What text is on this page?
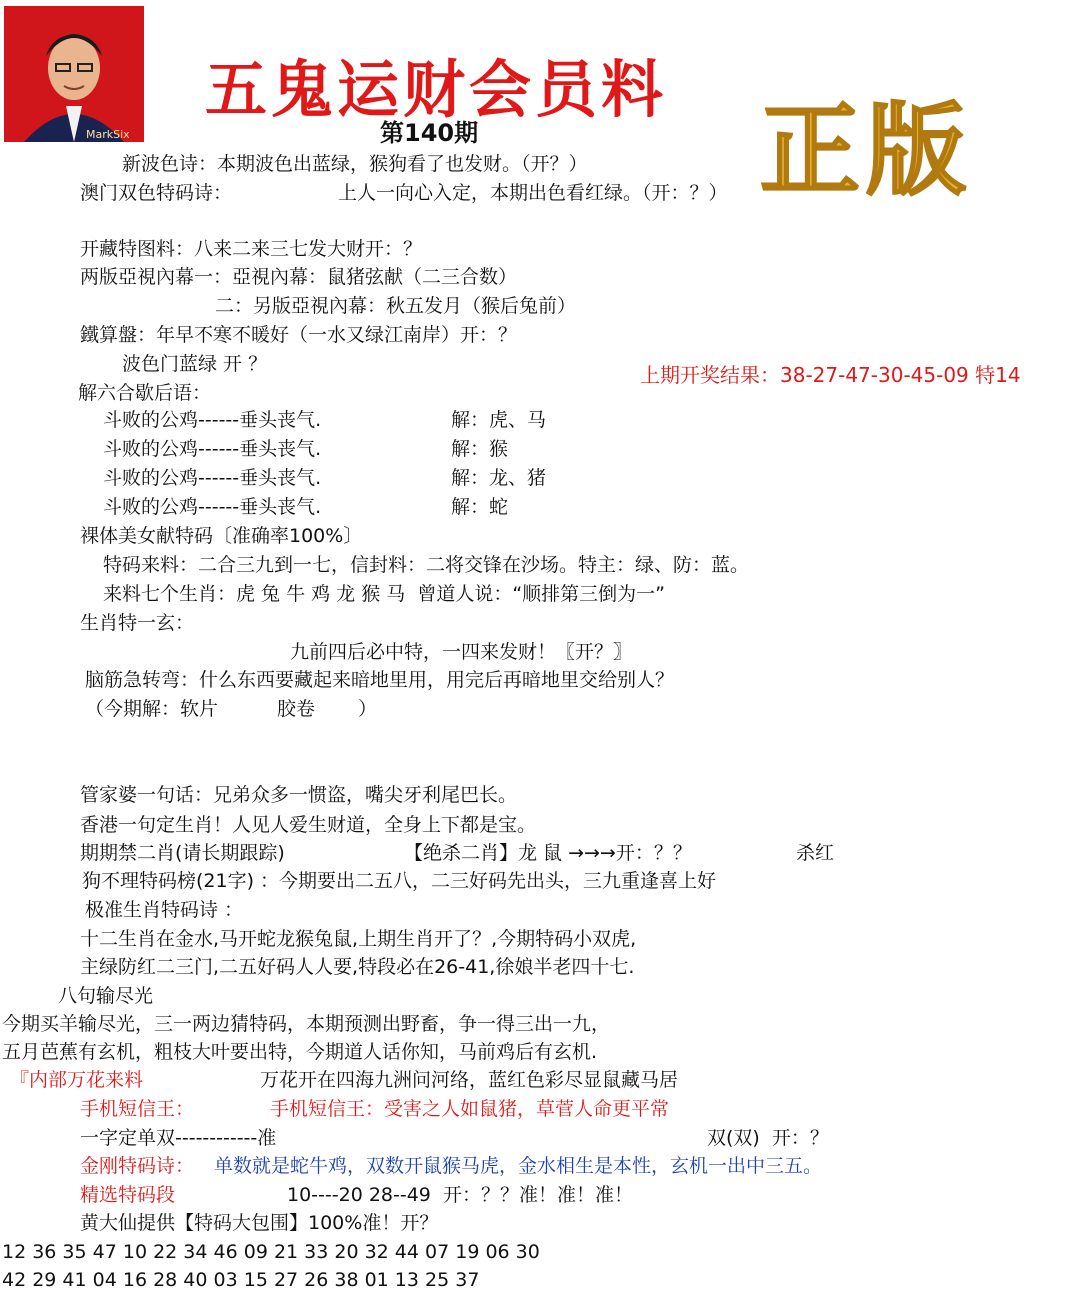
MarkSix
五鬼运财会员料
第140期	正版
上期开奖结果：38-27-47-30-45-09 特14
新波色诗：本期波色出蓝绿，猴狗看了也发财。（开？）
澳门双色特码诗：	上人一向心入定，本期出色看红绿。（开：？）
开藏特图料：八来二来三七发大财开：？
两版亞視內幕一：亞視內幕：鼠猪弦献（二三合数）
二：另版亞視內幕：秋五发月（猴后兔前）
鐵算盤：年早不寒不暖好（一水又绿江南岸）开：？
波色门蓝绿 开 ？
解六合歇后语：
斗败的公鸡------垂头丧气.	解：虎、马
斗败的公鸡------垂头丧气.	解：猴
斗败的公鸡------垂头丧气.	解：龙、猪
斗败的公鸡------垂头丧气.	解：蛇
裸体美女献特码〔准确率100%〕
特码来料：二合三九到一七，信封料：二将交锋在沙场。特主：绿、防：蓝。
来料七个生肖：虎 兔 牛 鸡 龙 猴 马  曾道人说：“顺排第三倒为一”
生肖特一玄：
九前四后必中特，一四来发财！〖开？〗
脑筋急转弯：什么东西要藏起来暗地里用，用完后再暗地里交给别人？
（今期解：软片	胶卷 ）
管家婆一句话：兄弟众多一惯盗，嘴尖牙利尾巴长。
香港一句定生肖！人见人爱生财道，全身上下都是宝。
期期禁二肖(请长期跟踪)	【绝杀二肖】龙 鼠 →→→开：？？	杀红
狗不理特码榜(21字) ：今期要出二五八，二三好码先出头，三九重逢喜上好
极准生肖特码诗 ：
十二生肖在金水,马开蛇龙猴兔鼠,上期生肖开了？,今期特码小双虎,
主绿防红二三门,二五好码人人要,特段必在26-41,徐娘半老四十七.
八句输尽光
今期买羊输尽光，三一两边猜特码，本期预测出野畜，争一得三出一九，
五月芭蕉有玄机，粗枝大叶要出特，今期道人话你知，马前鸡后有玄机.
『内部万花来料	万花开在四海九洲问河络，蓝红色彩尽显鼠藏马居
手机短信王：	手机短信王：受害之人如鼠猪，草菅人命更平常
一字定单双------------准	双(双)  开：？
金刚特码诗： 单数就是蛇牛鸡，双数开鼠猴马虎，金水相生是本性，玄机一出中三五。
精选特码段	10----20 28--49  开：？？准！准！准！
黄大仙提供【特码大包围】100%准！开？
12 36 35 47 10 22 34 46 09 21 33 20 32 44 07 19 06 30
42 29 41 04 16 28 40 03 15 27 26 38 01 13 25 37
